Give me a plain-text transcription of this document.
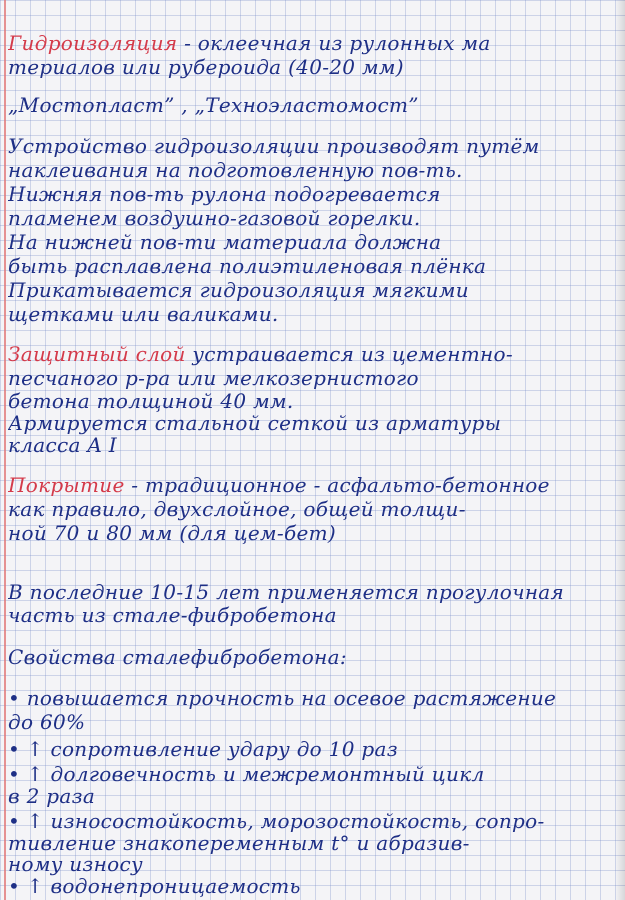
Гидроизоляция - оклеечная из рулонных ма
териалов или рубероида (40-20 мм)
„Мостопласт” , „Техноэластомост”
Устройство гидроизоляции производят путём
наклеивания на подготовленную пов-ть.
Нижняя пов-ть рулона подогревается
пламенем воздушно-газовой горелки.
На нижней пов-ти материала должна
быть расплавлена полиэтиленовая плёнка
Прикатывается гидроизоляция мягкими
щетками или валиками.
Защитный слой устраивается из цементно-
песчаного р-ра или мелкозернистого
бетона толщиной 40 мм.
Армируется стальной сеткой из арматуры
класса A I
Покрытие - традиционное - асфальто-бетонное
как правило, двухслойное, общей толщи-
ной 70 и 80 мм (для цем-бет)
В последние 10-15 лет применяется прогулочная
часть из стале-фибробетона
Свойства сталефибробетона:
• повышается прочность на осевое растяжение
до 60%
• ↑ сопротивление удару до 10 раз
• ↑ долговечность и межремонтный цикл
в 2 раза
• ↑ износостойкость, морозостойкость, сопро-
тивление знакопеременным t° и абразив-
ному износу
• ↑ водонепроницаемость
